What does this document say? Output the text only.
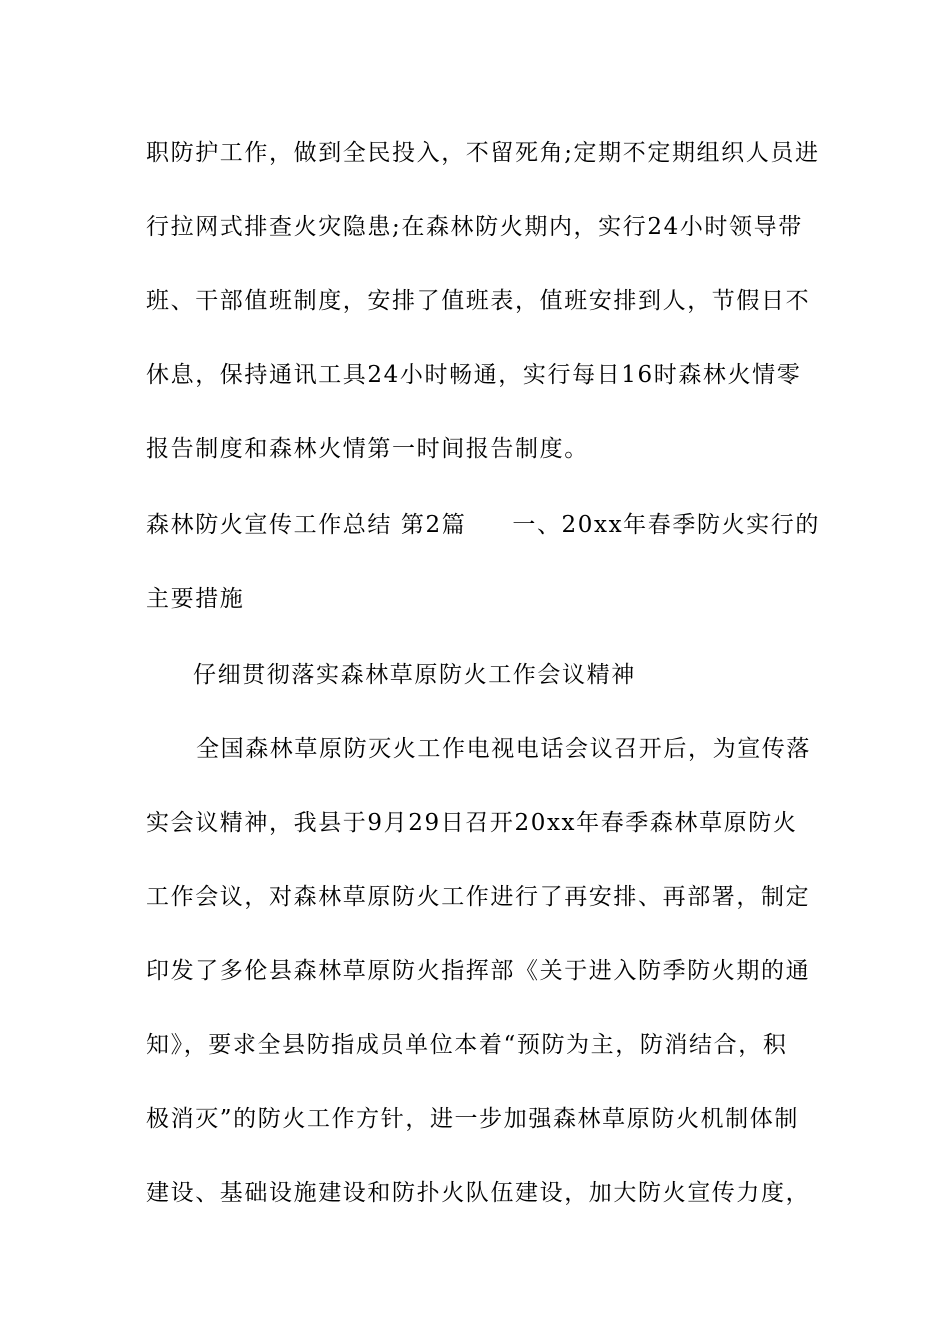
职防护工作，做到全民投入，不留死角;定期不定期组织人员进
行拉网式排查火灾隐患;在森林防火期内，实行24小时领导带
班、干部值班制度，安排了值班表，值班安排到人，节假日不
休息，保持通讯工具24小时畅通，实行每日16时森林火情零
报告制度和森林火情第一时间报告制度。
森林防火宣传工作总结 第2篇 一、20xx年春季防火实行的
主要措施
仔细贯彻落实森林草原防火工作会议精神
全国森林草原防灭火工作电视电话会议召开后，为宣传落
实会议精神，我县于9月29日召开20xx年春季森林草原防火
工作会议，对森林草原防火工作进行了再安排、再部署，制定
印发了多伦县森林草原防火指挥部《关于进入防季防火期的通
知》，要求全县防指成员单位本着“预防为主，防消结合，积
极消灭”的防火工作方针，进一步加强森林草原防火机制体制
建设、基础设施建设和防扑火队伍建设，加大防火宣传力度，
